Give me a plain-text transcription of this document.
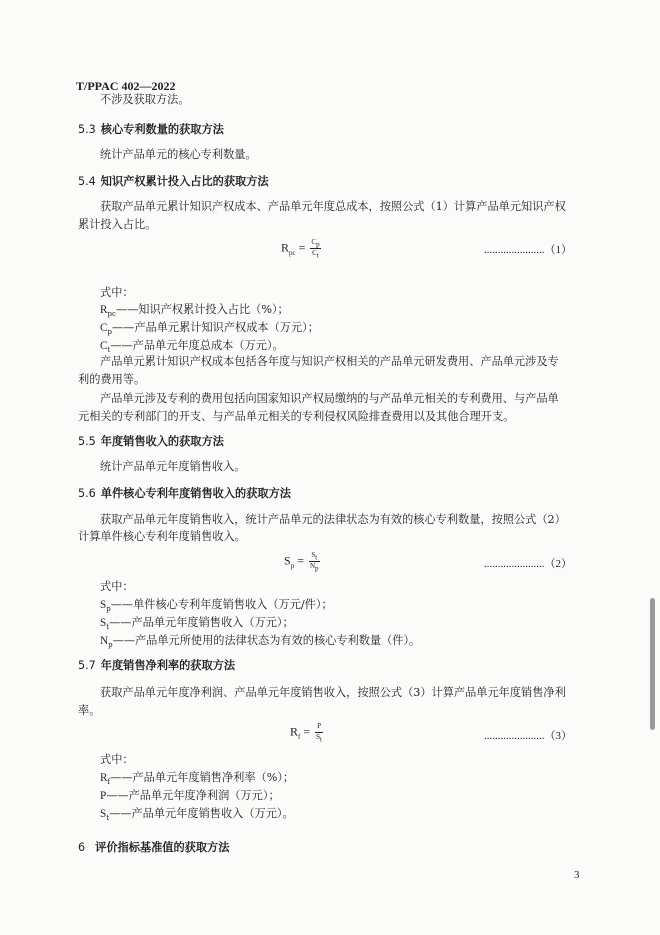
T/PPAC 402—2022
不涉及获取方法。
5.3 核心专利数量的获取方法
统计产品单元的核心专利数量。
5.4 知识产权累计投入占比的获取方法
获取产品单元累计知识产权成本、产品单元年度总成本，按照公式（1）计算产品单元知识产权
累计投入占比。
$R_{pc} = \frac{C_p}{C_t}$	......................（1）
式中：
$R_{pc}——$知识产权累计投入占比（%）；
$C_p——$产品单元累计知识产权成本（万元）；
$C_t——$产品单元年度总成本（万元）。
产品单元累计知识产权成本包括各年度与知识产权相关的产品单元研发费用、产品单元涉及专
利的费用等。
产品单元涉及专利的费用包括向国家知识产权局缴纳的与产品单元相关的专利费用、与产品单
元相关的专利部门的开支、与产品单元相关的专利侵权风险排查费用以及其他合理开支。
5.5 年度销售收入的获取方法
统计产品单元年度销售收入。
5.6 单件核心专利年度销售收入的获取方法
获取产品单元年度销售收入，统计产品单元的法律状态为有效的核心专利数量，按照公式（2）
计算单件核心专利年度销售收入。
$S_p = \frac{S_t}{N_p}$	......................（2）
式中：
$S_p——$单件核心专利年度销售收入（万元/件）；
$S_t——$产品单元年度销售收入（万元）；
$N_p——$产品单元所使用的法律状态为有效的核心专利数量（件）。
5.7 年度销售净利率的获取方法
获取产品单元年度净利润、产品单元年度销售收入，按照公式（3）计算产品单元年度销售净利
率。
$R_f = \frac{P}{S_t}$	......................（3）
式中：
$R_f——$产品单元年度销售净利率（%）；
P——产品单元年度净利润（万元）；
$S_t——$产品单元年度销售收入（万元）。
6 评价指标基准值的获取方法
3
